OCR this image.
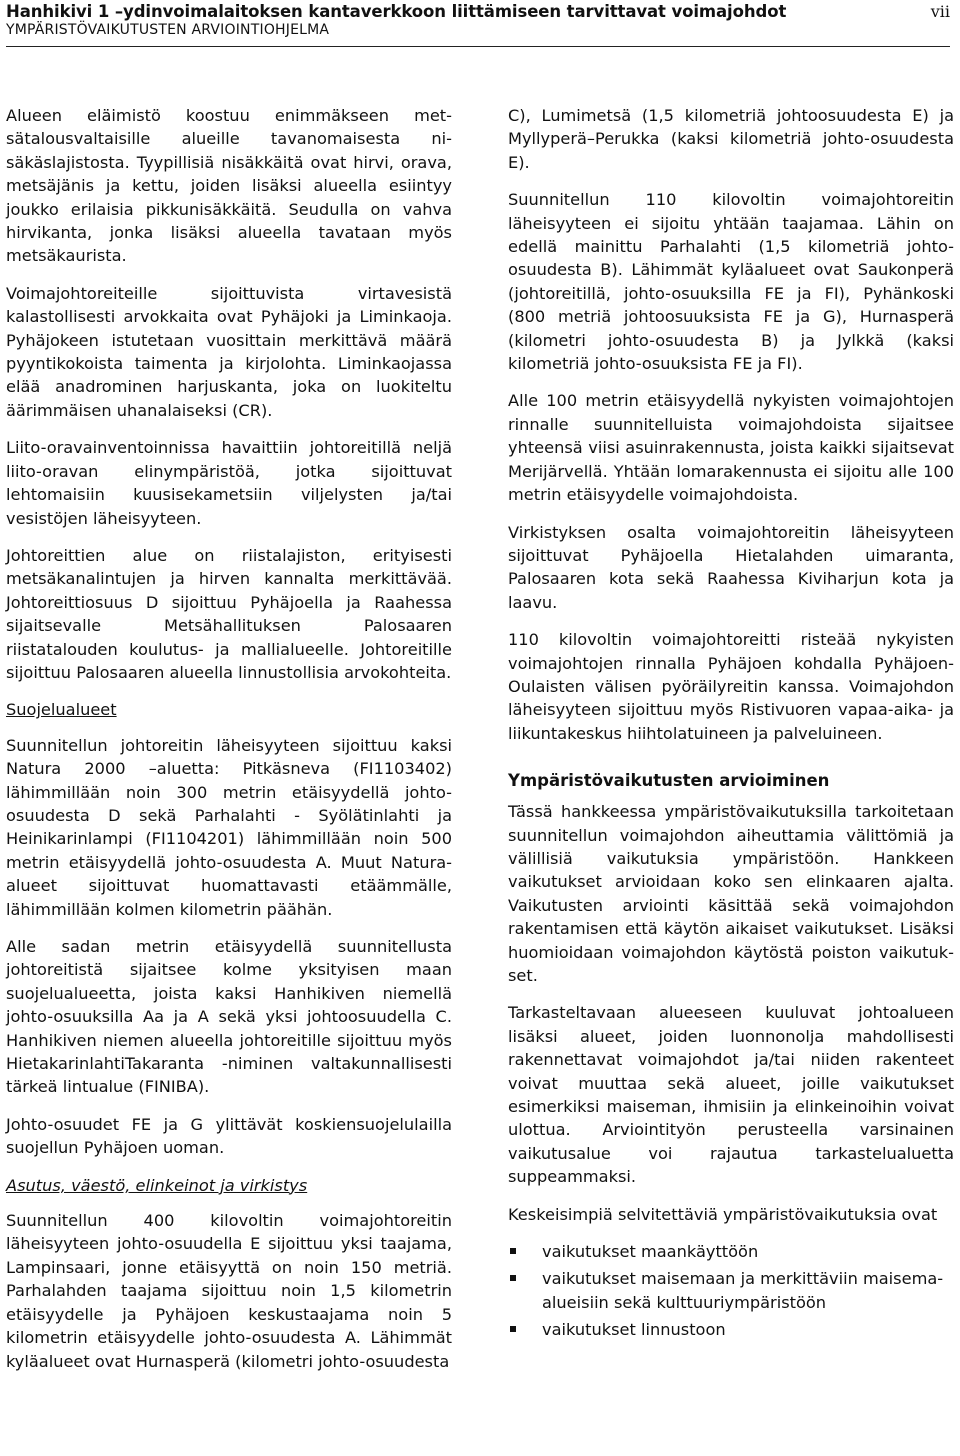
Hanhikivi 1 –ydinvoimalaitoksen kantaverkkoon liittämiseen tarvittavat voimajohdot
YMPÄRISTÖVAIKUTUSTEN ARVIOINTIOHJELMA
vii

Alueen eläimistö koostuu enimmäkseen metsätalousvaltaisille alueille tavanomaisesta nisäkäslajistosta. Tyypillisiä nisäkkäitä ovat hirvi, orava, metsäjänis ja kettu, joiden lisäksi alueella esiintyy joukko erilaisia pikkunisäkkäitä. Seudulla on vahva hirvikanta, jonka lisäksi alueella tavataan myös metsäkaurista.

Voimajohtoreiteille sijoittuvista virtavesistä kalastollisesti arvokkaita ovat Pyhäjoki ja Liminkaoja. Pyhäjokeen istutetaan vuosittain merkittävä määrä pyyntikokoista taimenta ja kirjolohta. Liminkaojassa elää anadrominen harjuskanta, joka on luokiteltu äärimmäisen uhanalaiseksi (CR).

Liito-oravainventoinnissa havaittiin johtoreitillä neljä liito-oravan elinympäristöä, jotka sijoittuvat lehtomaisiin kuusisekametsiin viljelysten ja/tai vesistöjen läheisyyteen.

Johtoreittien alue on riistalajiston, erityisesti metsäkanalintujen ja hirven kannalta merkittävää. Johtoreittiosuus D sijoittuu Pyhäjoella ja Raahessa sijaitsevalle Metsähallituksen Palosaaren riistatalouden koulutus- ja mallialueelle. Johtoreitille sijoittuu Palosaaren alueella linnustollisia arvokohteita.

Suojelualueet

Suunnitellun johtoreitin läheisyyteen sijoittuu kaksi Natura 2000 –aluetta: Pitkäsneva (FI1103402) lähimmillään noin 300 metrin etäisyydellä johto-osuudesta D sekä Parhalahti - Syölätinlahti ja Heinikarinlampi (FI1104201) lähimmillään noin 500 metrin etäisyydellä johto-osuudesta A. Muut Naturaalueet sijoittuvat huomattavasti etäämmälle, lähimmillään kolmen kilometrin päähän.

Alle sadan metrin etäisyydellä suunnitellusta johtoreitistä sijaitsee kolme yksityisen maan suojelualueetta, joista kaksi Hanhikiven niemellä johto-osuuksilla Aa ja A sekä yksi johtoosuudella C. Hanhikiven niemen alueella johtoreitille sijoittuu myös HietakarinlahtiTakaranta -niminen valtakunnallisesti tärkeä lintualue (FINIBA).

Johto-osuudet FE ja G ylittävät koskiensuojelulailla suojellun Pyhäjoen uoman.

Asutus, väestö, elinkeinot ja virkistys

Suunnitellun 400 kilovoltin voimajohtoreitin läheisyyteen johto-osuudella E sijoittuu yksi taajama, Lampinsaari, jonne etäisyyttä on noin 150 metriä. Parhalahden taajama sijoittuu noin 1,5 kilometrin etäisyydelle ja Pyhäjoen keskustaajama noin 5 kilometrin etäisyydelle johto-osuudesta A. Lähimmät kyläalueet ovat Hurnasperä (kilometri johto-osuudesta

C), Lumimetsä (1,5 kilometriä johtoosuudesta E) ja Myllyperä–Perukka (kaksi kilometriä johto-osuudesta E).

Suunnitellun 110 kilovoltin voimajohtoreitin läheisyyteen ei sijoitu yhtään taajamaa. Lähin on edellä mainittu Parhalahti (1,5 kilometriä johto-osuudesta B). Lähimmät kyläalueet ovat Saukonperä (johtoreitillä, johto-osuuksilla FE ja FI), Pyhänkoski (800 metriä johtoosuuksista FE ja G), Hurnasperä (kilometri johto-osuudesta B) ja Jylkkä (kaksi kilometriä johto-osuuksista FE ja FI).

Alle 100 metrin etäisyydellä nykyisten voimajohtojen rinnalle suunnitelluista voimajohdoista sijaitsee yhteensä viisi asuinrakennusta, joista kaikki sijaitsevat Merijärvellä. Yhtään lomarakennusta ei sijoitu alle 100 metrin etäisyydelle voimajohdoista.

Virkistyksen osalta voimajohtoreitin läheisyyteen sijoittuvat Pyhäjoella Hietalahden uimaranta, Palosaaren kota sekä Raahessa Kiviharjun kota ja laavu.

110 kilovoltin voimajohtoreitti risteää nykyisten voimajohtojen rinnalla Pyhäjoen kohdalla Pyhäjoen-Oulaisten välisen pyöräilyreitin kanssa. Voimajohdon läheisyyteen sijoittuu myös Ristivuoren vapaa-aika- ja liikuntakeskus hiihtolatuineen ja palveluineen.

Ympäristövaikutusten arvioiminen

Tässä hankkeessa ympäristövaikutuksilla tarkoitetaan suunnitellun voimajohdon aiheuttamia välittömiä ja välillisiä vaikutuksia ympäristöön. Hankkeen vaikutukset arvioidaan koko sen elinkaaren ajalta. Vaikutusten arviointi käsittää sekä voimajohdon rakentamisen että käytön aikaiset vaikutukset. Lisäksi huomioidaan voimajohdon käytöstä poiston vaikutukset.

Tarkasteltavaan alueeseen kuuluvat johtoalueen lisäksi alueet, joiden luonnonolja mahdollisesti rakennettavat voimajohdot ja/tai niiden rakenteet voivat muuttaa sekä alueet, joille vaikutukset esimerkiksi maiseman, ihmisiin ja elinkeinoihin voivat ulottua. Arviointityön perusteella varsinainen vaikutusalue voi rajautua tarkastelualuetta suppeammaksi.

Keskeisimpiä selvitettäviä ympäristövaikutuksia ovat

vaikutukset maankäyttöön
vaikutukset maisemaan ja merkittäviin maisema-alueisiin sekä kulttuuriympäristöön
vaikutukset linnustoon
